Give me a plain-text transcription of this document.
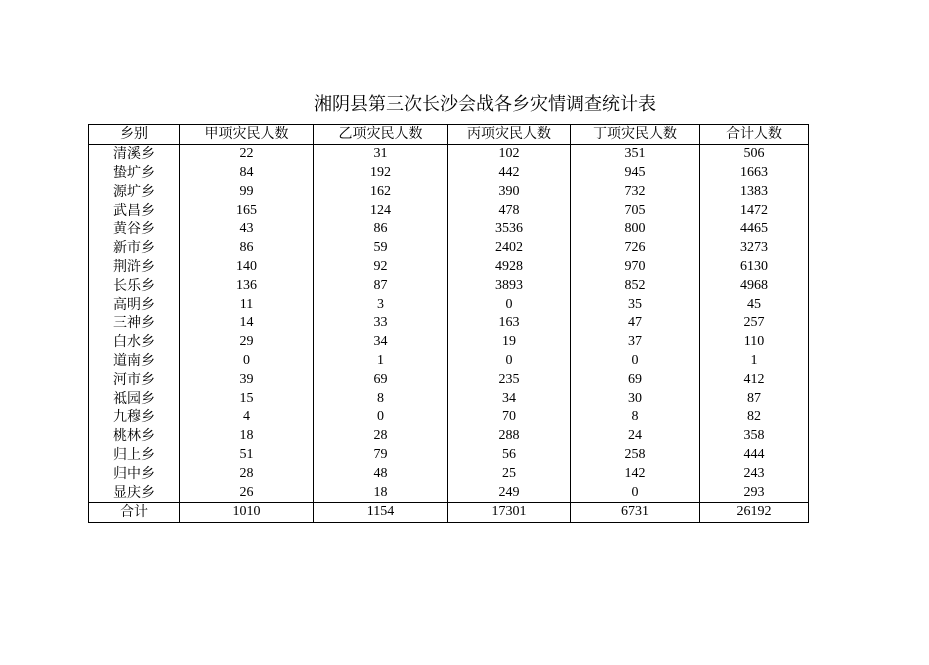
湘阴县第三次长沙会战各乡灾情调查统计表
乡别	甲项灾民人数	乙项灾民人数	丙项灾民人数	丁项灾民人数	合计人数
清溪乡	22	31	102	351	506
蛰圹乡	84	192	442	945	1663
源圹乡	99	162	390	732	1383
武昌乡	165	124	478	705	1472
黄谷乡	43	86	3536	800	4465
新市乡	86	59	2402	726	3273
荆浒乡	140	92	4928	970	6130
长乐乡	136	87	3893	852	4968
高明乡	11	3	0	35	45
三神乡	14	33	163	47	257
白水乡	29	34	19	37	110
道南乡	0	1	0	0	1
河市乡	39	69	235	69	412
祗园乡	15	8	34	30	87
九穆乡	4	0	70	8	82
桃林乡	18	28	288	24	358
归上乡	51	79	56	258	444
归中乡	28	48	25	142	243
显庆乡	26	18	249	0	293
合计	1010	1154	17301	6731	26192
